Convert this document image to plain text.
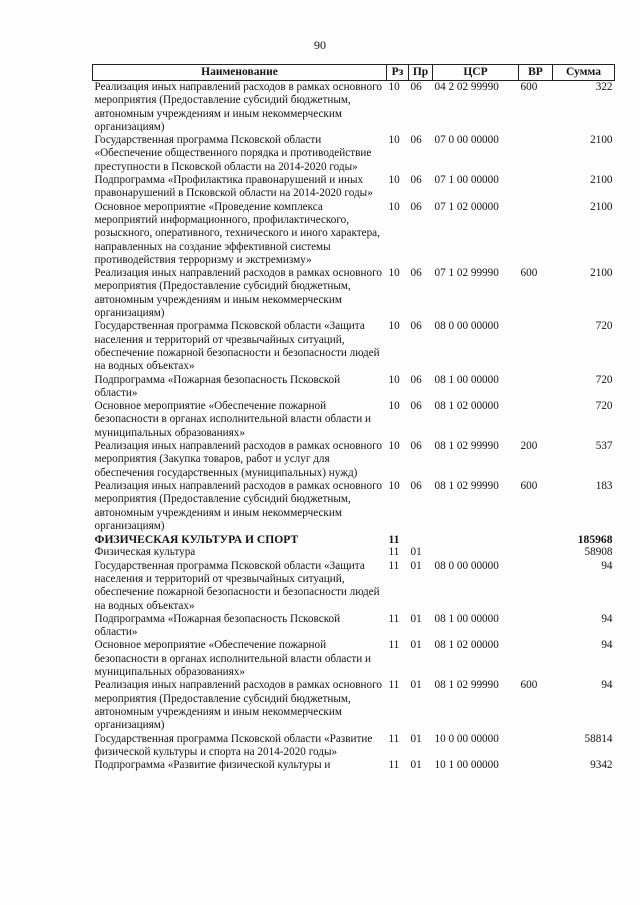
90
Наименование	Рз	Пр	ЦСР	ВР	Сумма
Реализация иных направлений расходов в рамках основного мероприятия (Предоставление субсидий бюджетным, автономным учреждениям и иным некоммерческим организациям)	10	06	04 2 02 99990	600	322
Государственная программа Псковской области «Обеспечение общественного порядка и противодействие преступности в Псковской области на 2014-2020 годы»	10	06	07 0 00 00000		2100
Подпрограмма «Профилактика правонарушений и иных правонарушений в Псковской области на 2014-2020 годы»	10	06	07 1 00 00000		2100
Основное мероприятие «Проведение комплекса мероприятий информационного, профилактического, розыскного, оперативного, технического и иного характера, направленных на создание эффективной системы противодействия терроризму и экстремизму»	10	06	07 1 02 00000		2100
Реализация иных направлений расходов в рамках основного мероприятия (Предоставление субсидий бюджетным, автономным учреждениям и иным некоммерческим организациям)	10	06	07 1 02 99990	600	2100
Государственная программа Псковской области «Защита населения и территорий от чрезвычайных ситуаций, обеспечение пожарной безопасности и безопасности людей на водных объектах»	10	06	08 0 00 00000		720
Подпрограмма «Пожарная безопасность Псковской области»	10	06	08 1 00 00000		720
Основное мероприятие «Обеспечение пожарной безопасности в органах исполнительной власти области и муниципальных образованиях»	10	06	08 1 02 00000		720
Реализация иных направлений расходов в рамках основного мероприятия (Закупка товаров, работ и услуг для обеспечения государственных (муниципальных) нужд)	10	06	08 1 02 99990	200	537
Реализация иных направлений расходов в рамках основного мероприятия (Предоставление субсидий бюджетным, автономным учреждениям и иным некоммерческим организациям)	10	06	08 1 02 99990	600	183
ФИЗИЧЕСКАЯ КУЛЬТУРА И СПОРТ	11				185968
Физическая культура	11	01			58908
Государственная программа Псковской области «Защита населения и территорий от чрезвычайных ситуаций, обеспечение пожарной безопасности и безопасности людей на водных объектах»	11	01	08 0 00 00000		94
Подпрограмма «Пожарная безопасность Псковской области»	11	01	08 1 00 00000		94
Основное мероприятие «Обеспечение пожарной безопасности в органах исполнительной власти области и муниципальных образованиях»	11	01	08 1 02 00000		94
Реализация иных направлений расходов в рамках основного мероприятия (Предоставление субсидий бюджетным, автономным учреждениям и иным некоммерческим организациям)	11	01	08 1 02 99990	600	94
Государственная программа Псковской области «Развитие физической культуры и спорта на 2014-2020 годы»	11	01	10 0 00 00000		58814
Подпрограмма «Развитие физической культуры и	11	01	10 1 00 00000		9342
